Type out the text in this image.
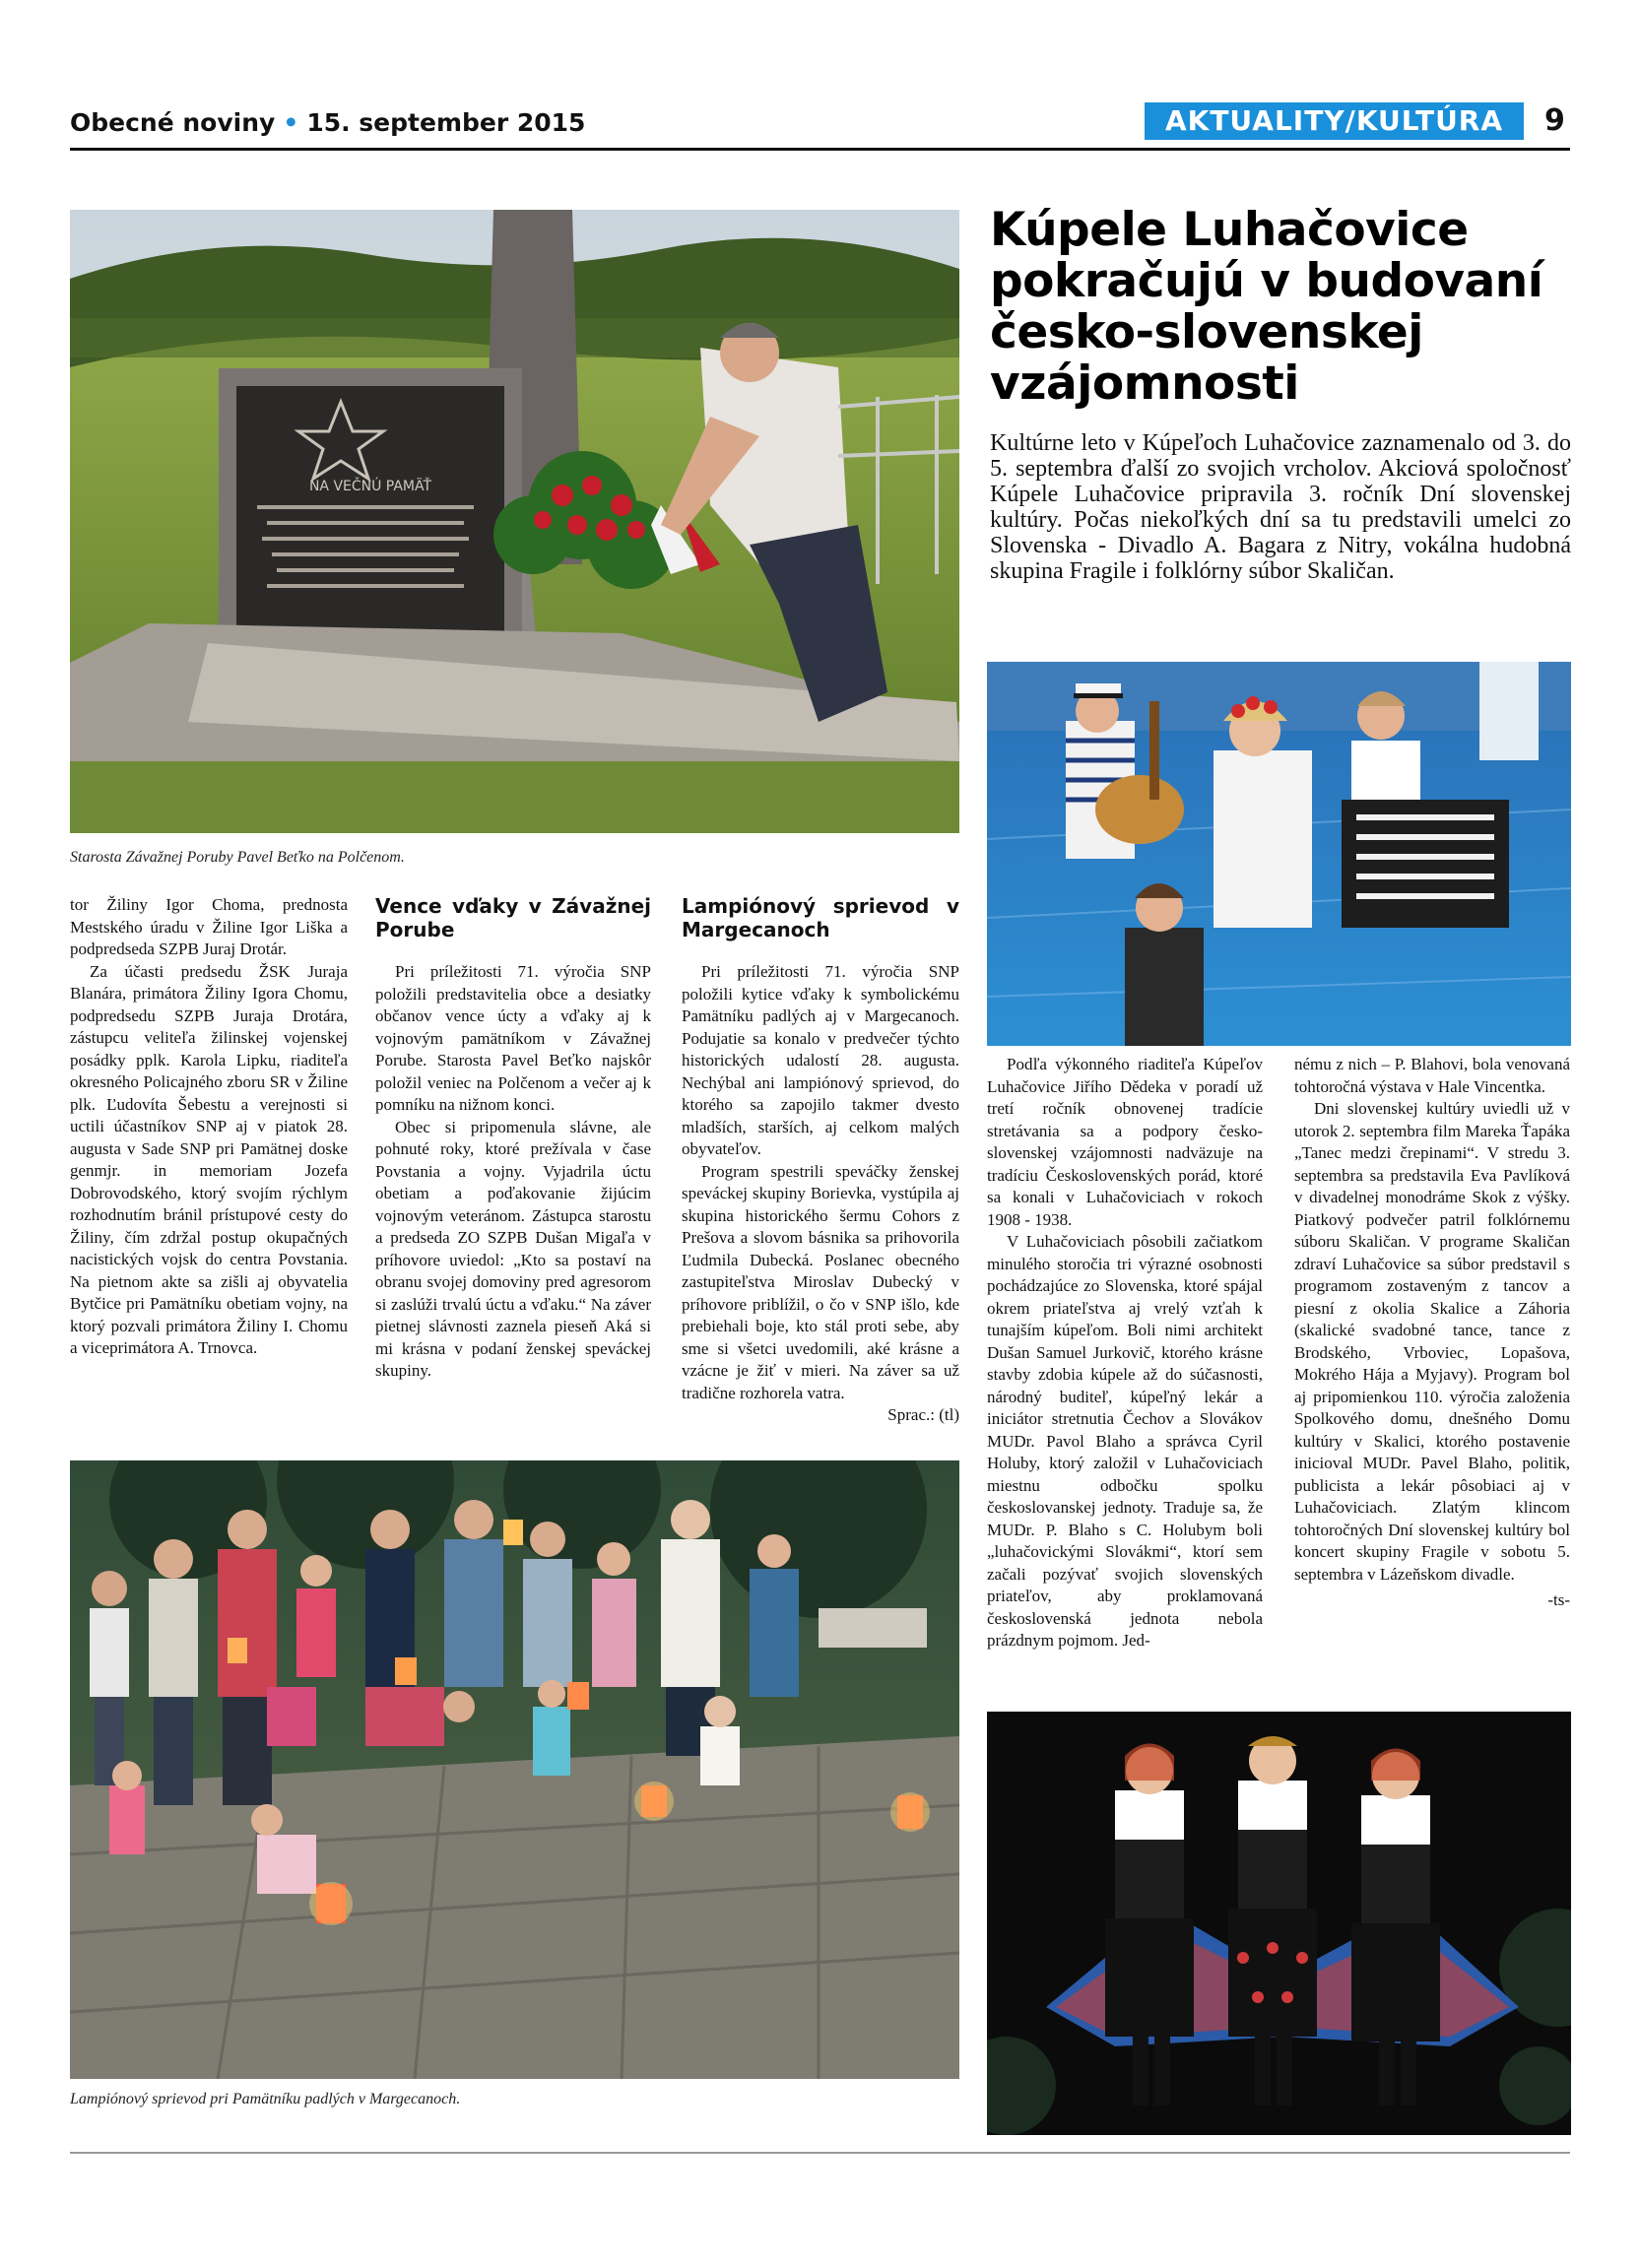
Obecné noviny • 15. september 2015	AKTUALITY/KULTÚRA	9
NA VEČNÚ PAMÄŤ
Starosta Závažnej Poruby Pavel Beťko na Polčenom.

tor Žiliny Igor Choma, prednosta Mestského úradu v Žiline Igor Liška a podpredseda SZPB Juraj Drotár.

Za účasti predsedu ŽSK Juraja Blanára, primátora Žiliny Igora Chomu, podpredsedu SZPB Juraja Drotára, zástupcu veliteľa žilinskej vojenskej posádky pplk. Karola Lipku, riaditeľa okresného Policajného zboru SR v Žiline plk. Ľudovíta Šebestu a verejnosti si uctili účastníkov SNP aj v piatok 28. augusta v Sade SNP pri Pamätnej doske genmjr. in memoriam Jozefa Dobrovodského, ktorý svojím rýchlym rozhodnutím bránil prístupové cesty do Žiliny, čím zdržal postup okupačných nacistických vojsk do centra Povstania. Na pietnom akte sa zišli aj obyvatelia Bytčice pri Pamätníku obetiam vojny, na ktorý pozvali primátora Žiliny I. Chomu a viceprimátora A. Trnovca.

Vence vďaky v Závažnej Porube

Pri príležitosti 71. výročia SNP položili predstavitelia obce a desiatky občanov vence úcty a vďaky aj k vojnovým pamätníkom v Závažnej Porube. Starosta Pavel Beťko najskôr položil veniec na Polčenom a večer aj k pomníku na nižnom konci.

Obec si pripomenula slávne, ale pohnuté roky, ktoré prežívala v čase Povstania a vojny. Vyjadrila úctu obetiam a poďakovanie žijúcim vojnovým veteránom. Zástupca starostu a predseda ZO SZPB Dušan Migaľa v príhovore uviedol: „Kto sa postaví na obranu svojej domoviny pred agresorom si zaslúži trvalú úctu a vďaku.“ Na záver pietnej slávnosti zaznela pieseň Aká si mi krásna v podaní ženskej speváckej skupiny.

Lampiónový sprievod v Margecanoch

Pri príležitosti 71. výročia SNP položili kytice vďaky k symbolickému Pamätníku padlých aj v Margecanoch. Podujatie sa konalo v predvečer týchto historických udalostí 28. augusta. Nechýbal ani lampiónový sprievod, do ktorého sa zapojilo takmer dvesto mladších, starších, aj celkom malých obyvateľov.

Program spestrili speváčky ženskej speváckej skupiny Borievka, vystúpila aj skupina historického šermu Cohors z Prešova a slovom básnika sa prihovorila Ľudmila Dubecká. Poslanec obecného zastupiteľstva Miroslav Dubecký v príhovore priblížil, o čo v SNP išlo, kde prebiehali boje, kto stál proti sebe, aby sme si všetci uvedomili, aké krásne a vzácne je žiť v mieri. Na záver sa už tradične rozhorela vatra.

Sprac.: (tl)

Lampiónový sprievod pri Pamätníku padlých v Margecanoch.
Kúpele Luhačovice pokračujú v budovaní česko-slovenskej vzájomnosti
Kultúrne leto v Kúpeľoch Luhačovice zaznamenalo od 3. do 5. septembra ďalší zo svojich vrcholov. Akciová spoločnosť Kúpele Luhačovice pripravila 3. ročník Dní slovenskej kultúry. Počas niekoľkých dní sa tu predstavili umelci zo Slovenska - Divadlo A. Bagara z Nitry, vokálna hudobná skupina Fragile i folklórny súbor Skaličan.

Podľa výkonného riaditeľa Kúpeľov Luhačovice Jiřího Dědeka v poradí už tretí ročník obnovenej tradície stretávania sa a podpory česko-slovenskej vzájomnosti nadväzuje na tradíciu Československých porád, ktoré sa konali v Luhačoviciach v rokoch 1908 - 1938.

V Luhačoviciach pôsobili začiatkom minulého storočia tri výrazné osobnosti pochádzajúce zo Slovenska, ktoré spájal okrem priateľstva aj vrelý vzťah k tunajším kúpeľom. Boli nimi architekt Dušan Samuel Jurkovič, ktorého krásne stavby zdobia kúpele až do súčasnosti, národný buditeľ, kúpeľný lekár a iniciátor stretnutia Čechov a Slovákov MUDr. Pavol Blaho a správca Cyril Holuby, ktorý založil v Luhačoviciach miestnu odbočku spolku českoslovanskej jednoty. Traduje sa, že MUDr. P. Blaho s C. Holubym boli „luhačovickými Slovákmi“, ktorí sem začali pozývať svojich slovenských priateľov, aby proklamovaná československá jednota nebola prázdnym pojmom. Jed-

nému z nich – P. Blahovi, bola venovaná tohtoročná výstava v Hale Vincentka.

Dni slovenskej kultúry uviedli už v utorok 2. septembra film Mareka Ťapáka „Tanec medzi črepinami“. V stredu 3. septembra sa predstavila Eva Pavlíková v divadelnej monodráme Skok z výšky. Piatkový podvečer patril folklórnemu súboru Skaličan. V programe Skaličan zdraví Luhačovice sa súbor predstavil s programom zostaveným z tancov a piesní z okolia Skalice a Záhoria (skalické svadobné tance, tance z Brodského, Vrboviec, Lopašova, Mokrého Hája a Myjavy). Program bol aj pripomienkou 110. výročia založenia Spolkového domu, dnešného Domu kultúry v Skalici, ktorého postavenie inicioval MUDr. Pavel Blaho, politik, publicista a lekár pôsobiaci aj v Luhačoviciach. Zlatým klincom tohtoročných Dní slovenskej kultúry bol koncert skupiny Fragile v sobotu 5. septembra v Lázeňskom divadle.

-ts-
